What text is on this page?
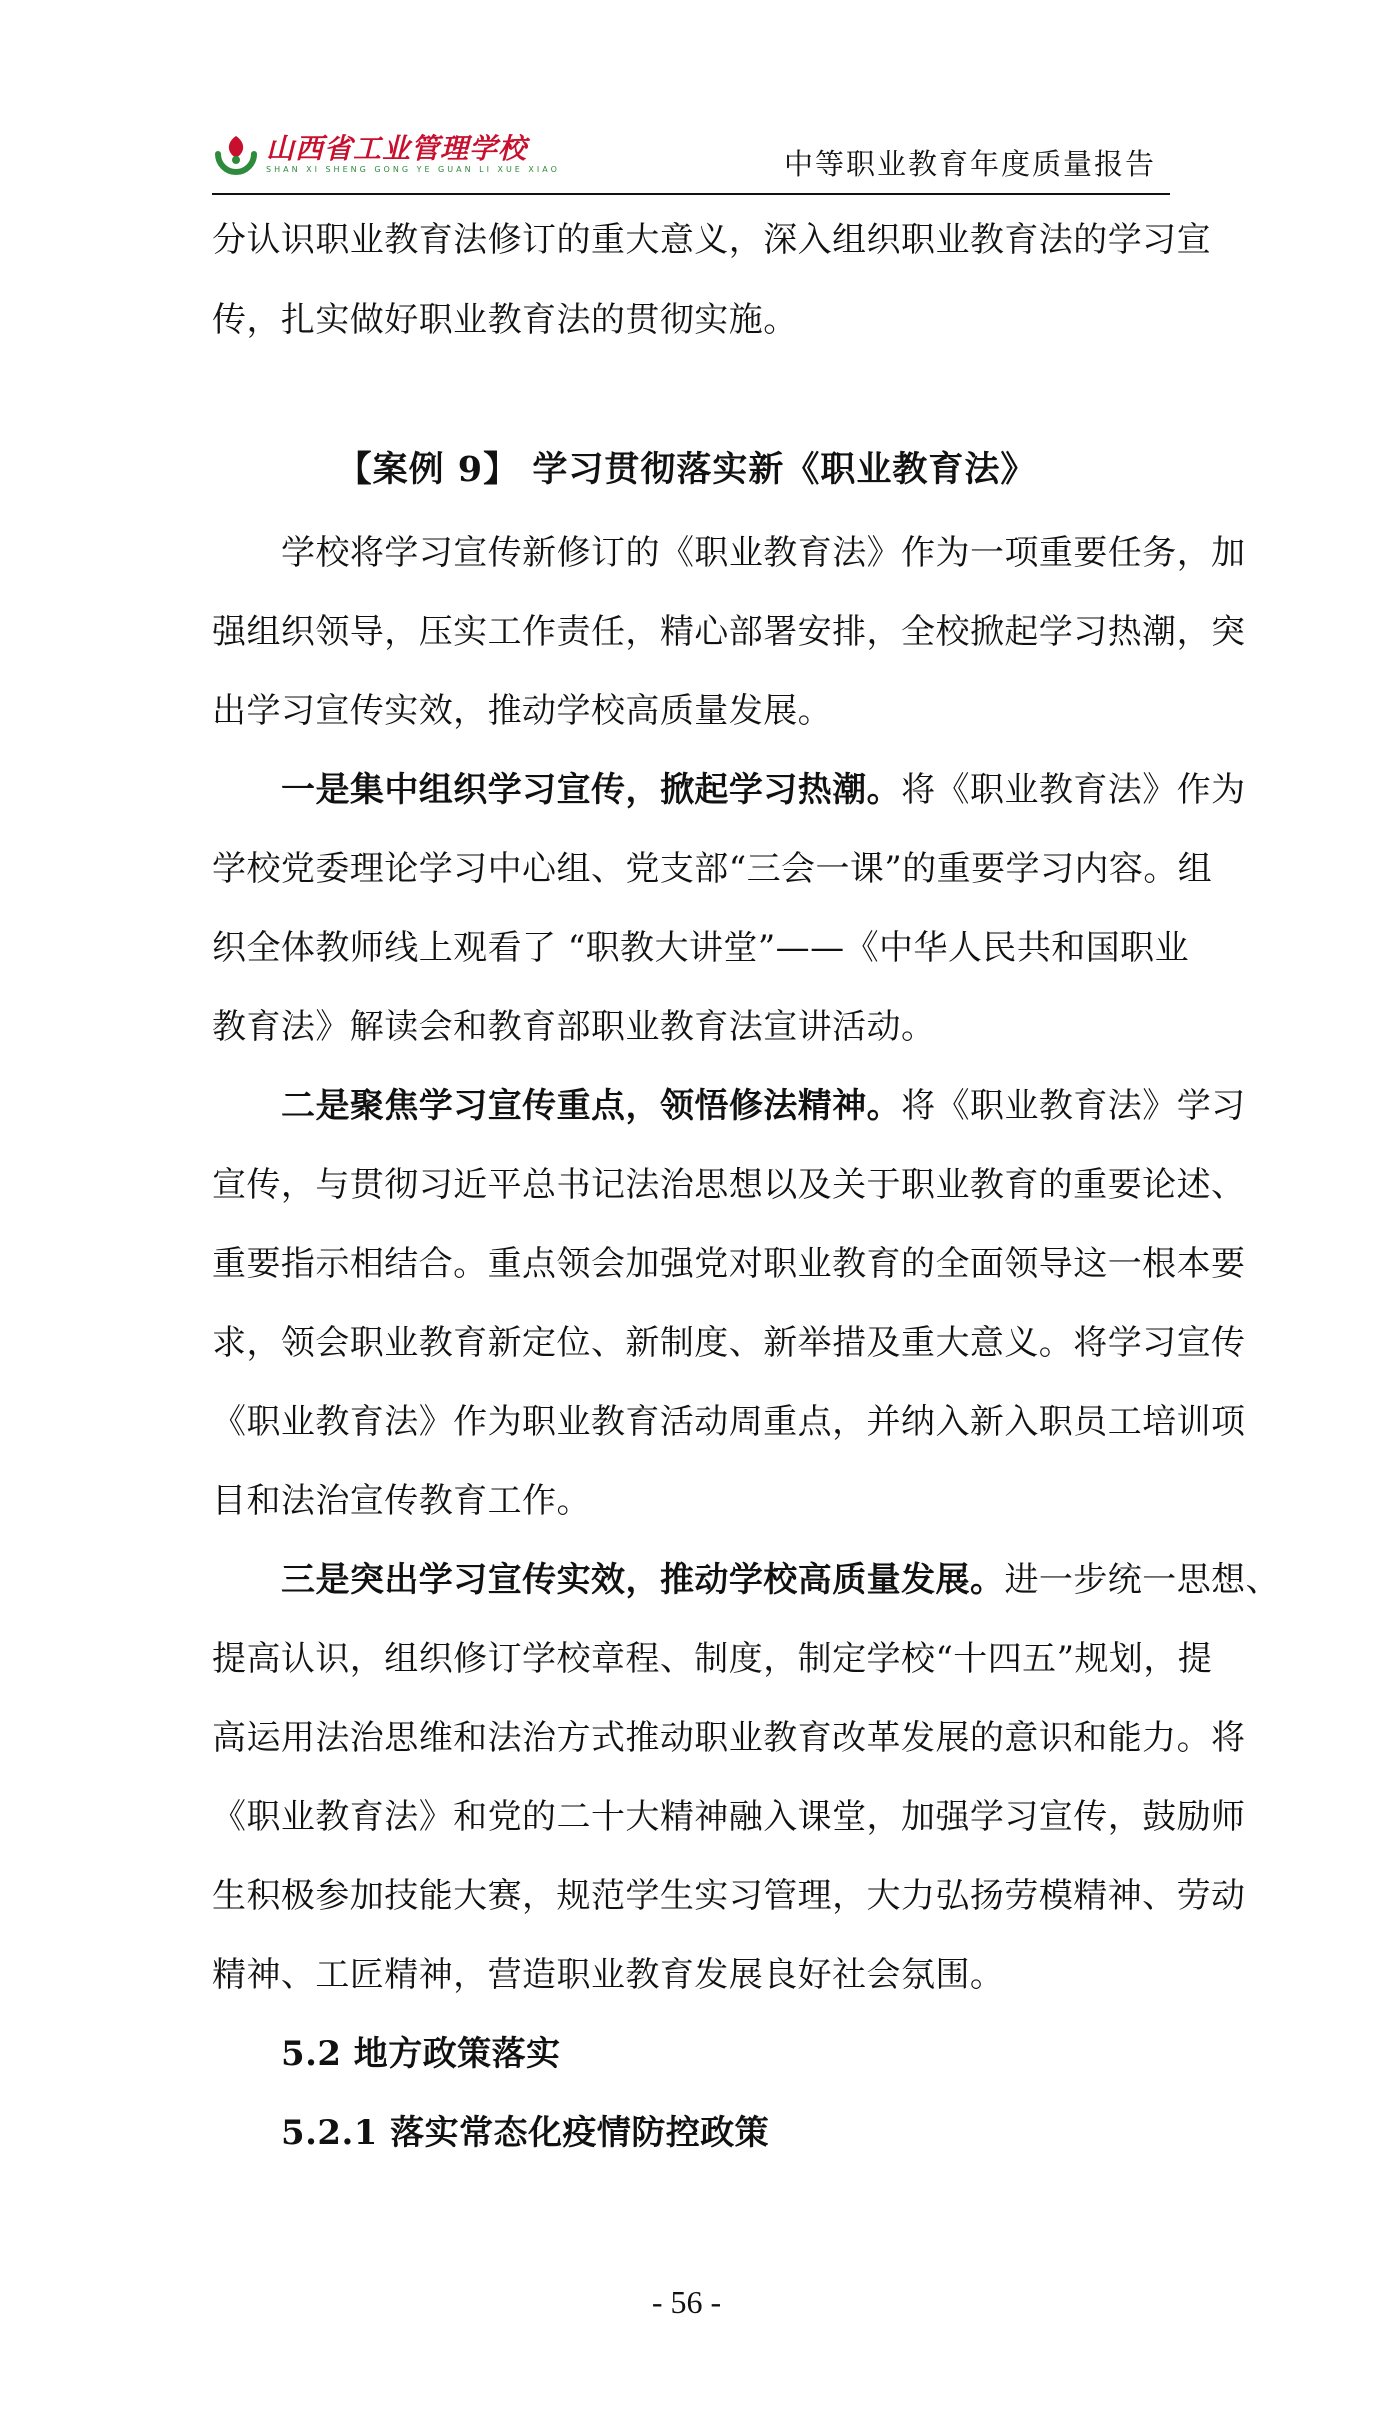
山西省工业管理学校
SHAN XI SHENG GONG YE GUAN LI XUE XIAO	中等职业教育年度质量报告
分认识职业教育法修订的重大意义，深入组织职业教育法的学习宣
传，扎实做好职业教育法的贯彻实施。
【案例 9】 学习贯彻落实新《职业教育法》
学校将学习宣传新修订的《职业教育法》作为一项重要任务，加
强组织领导，压实工作责任，精心部署安排，全校掀起学习热潮，突
出学习宣传实效，推动学校高质量发展。
一是集中组织学习宣传，掀起学习热潮。将《职业教育法》作为
学校党委理论学习中心组、党支部“三会一课”的重要学习内容。组
织全体教师线上观看了 “职教大讲堂”——《中华人民共和国职业
教育法》解读会和教育部职业教育法宣讲活动。
二是聚焦学习宣传重点，领悟修法精神。将《职业教育法》学习
宣传，与贯彻习近平总书记法治思想以及关于职业教育的重要论述、
重要指示相结合。重点领会加强党对职业教育的全面领导这一根本要
求，领会职业教育新定位、新制度、新举措及重大意义。将学习宣传
《职业教育法》作为职业教育活动周重点，并纳入新入职员工培训项
目和法治宣传教育工作。
三是突出学习宣传实效，推动学校高质量发展。进一步统一思想、
提高认识，组织修订学校章程、制度，制定学校“十四五”规划，提
高运用法治思维和法治方式推动职业教育改革发展的意识和能力。将
《职业教育法》和党的二十大精神融入课堂，加强学习宣传，鼓励师
生积极参加技能大赛，规范学生实习管理，大力弘扬劳模精神、劳动
精神、工匠精神，营造职业教育发展良好社会氛围。
5.2 地方政策落实
5.2.1 落实常态化疫情防控政策
- 56 -
